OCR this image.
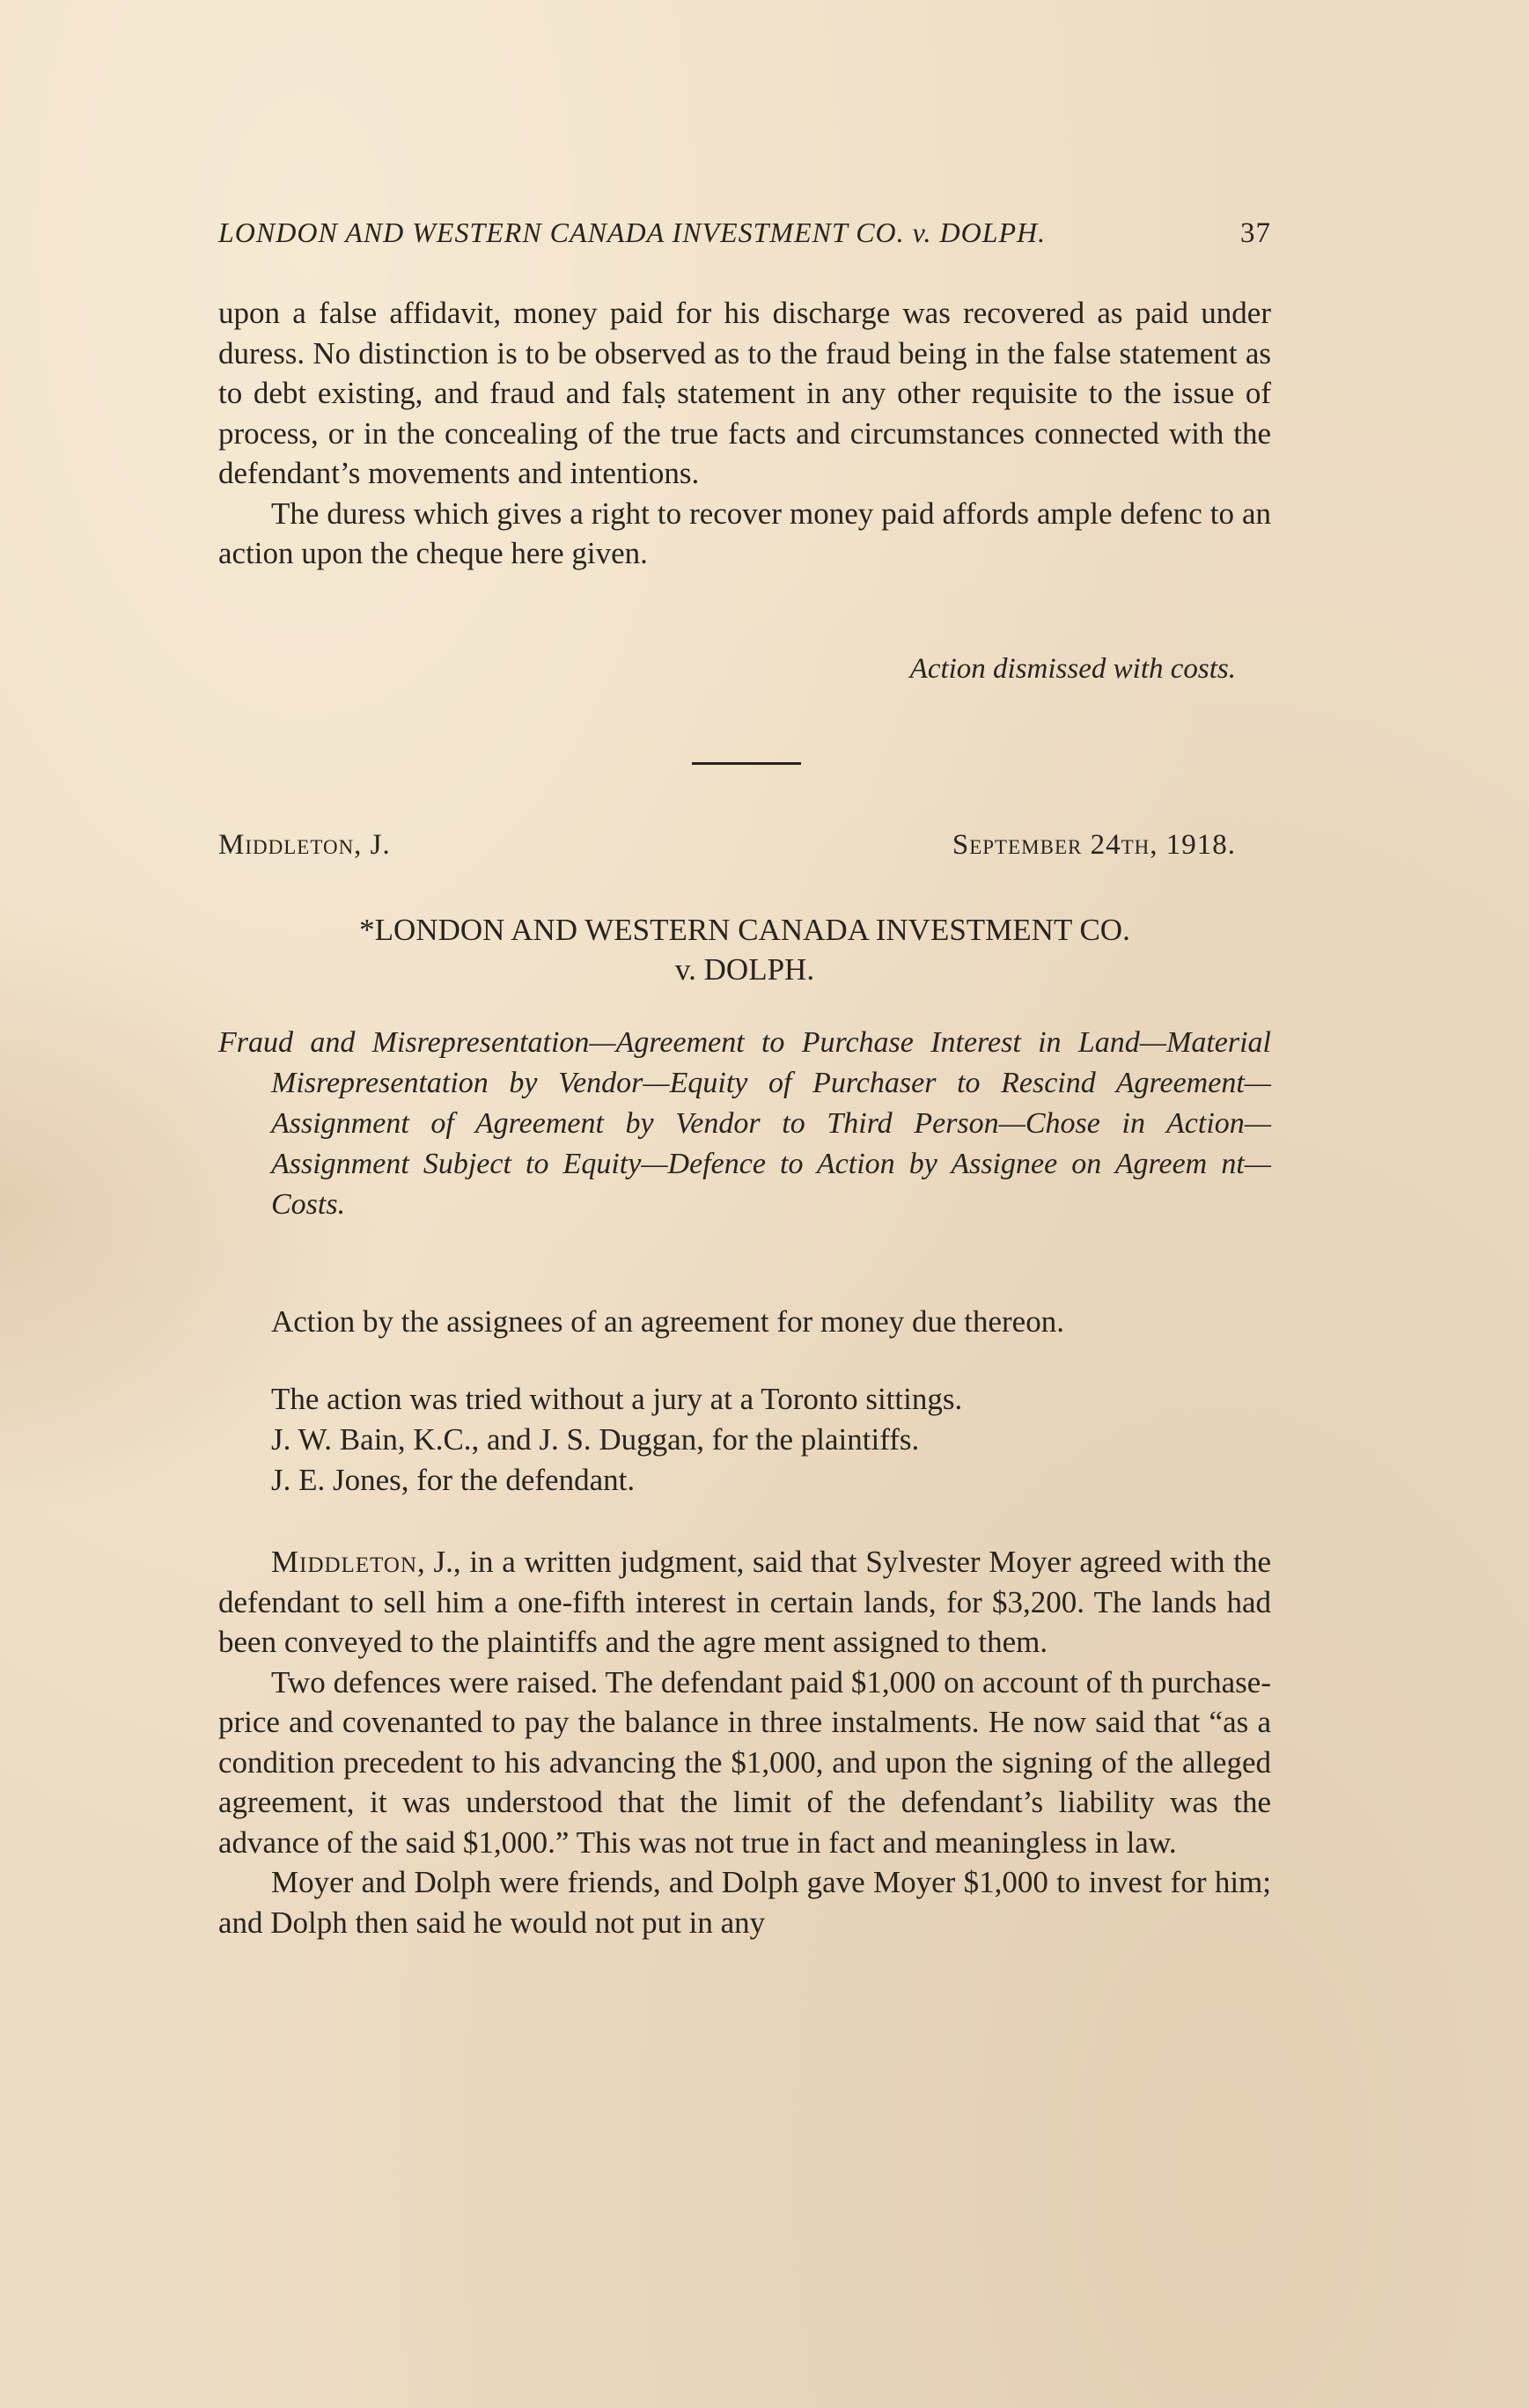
LONDON AND WESTERN CANADA INVESTMENT CO. v. DOLPH.	37

upon a false affidavit, money paid for his discharge was recovered as paid under duress. No distinction is to be observed as to the fraud being in the false statement as to debt existing, and fraud and falṣ statement in any other requisite to the issue of process, or in the concealing of the true facts and circumstances connected with the defendant’s movements and intentions.

The duress which gives a right to recover money paid affords ample defenc to an action upon the cheque here given.

Action dismissed with costs.
Middleton, J.	September 24th, 1918.
*LONDON AND WESTERN CANADA INVESTMENT CO.
v. DOLPH.
Fraud and Misrepresentation—Agreement to Purchase Interest in Land—Material Misrepresentation by Vendor—Equity of Purchaser to Rescind Agreement—Assignment of Agreement by Vendor to Third Person—Chose in Action—Assignment Subject to Equity—Defence to Action by Assignee on Agreem nt—Costs.
Action by the assignees of an agreement for money due thereon.
The action was tried without a jury at a Toronto sittings.
J. W. Bain, K.C., and J. S. Duggan, for the plaintiffs.
J. E. Jones, for the defendant.

Middleton, J., in a written judgment, said that Sylvester Moyer agreed with the defendant to sell him a one-fifth interest in certain lands, for $3,200. The lands had been conveyed to the plaintiffs and the agre ment assigned to them.

Two defences were raised. The defendant paid $1,000 on account of th purchase-price and covenanted to pay the balance in three instalments. He now said that “as a condition precedent to his advancing the $1,000, and upon the signing of the alleged agreement, it was understood that the limit of the defendant’s liability was the advance of the said $1,000.” This was not true in fact and meaningless in law.

Moyer and Dolph were friends, and Dolph gave Moyer $1,000 to invest for him; and Dolph then said he would not put in any
